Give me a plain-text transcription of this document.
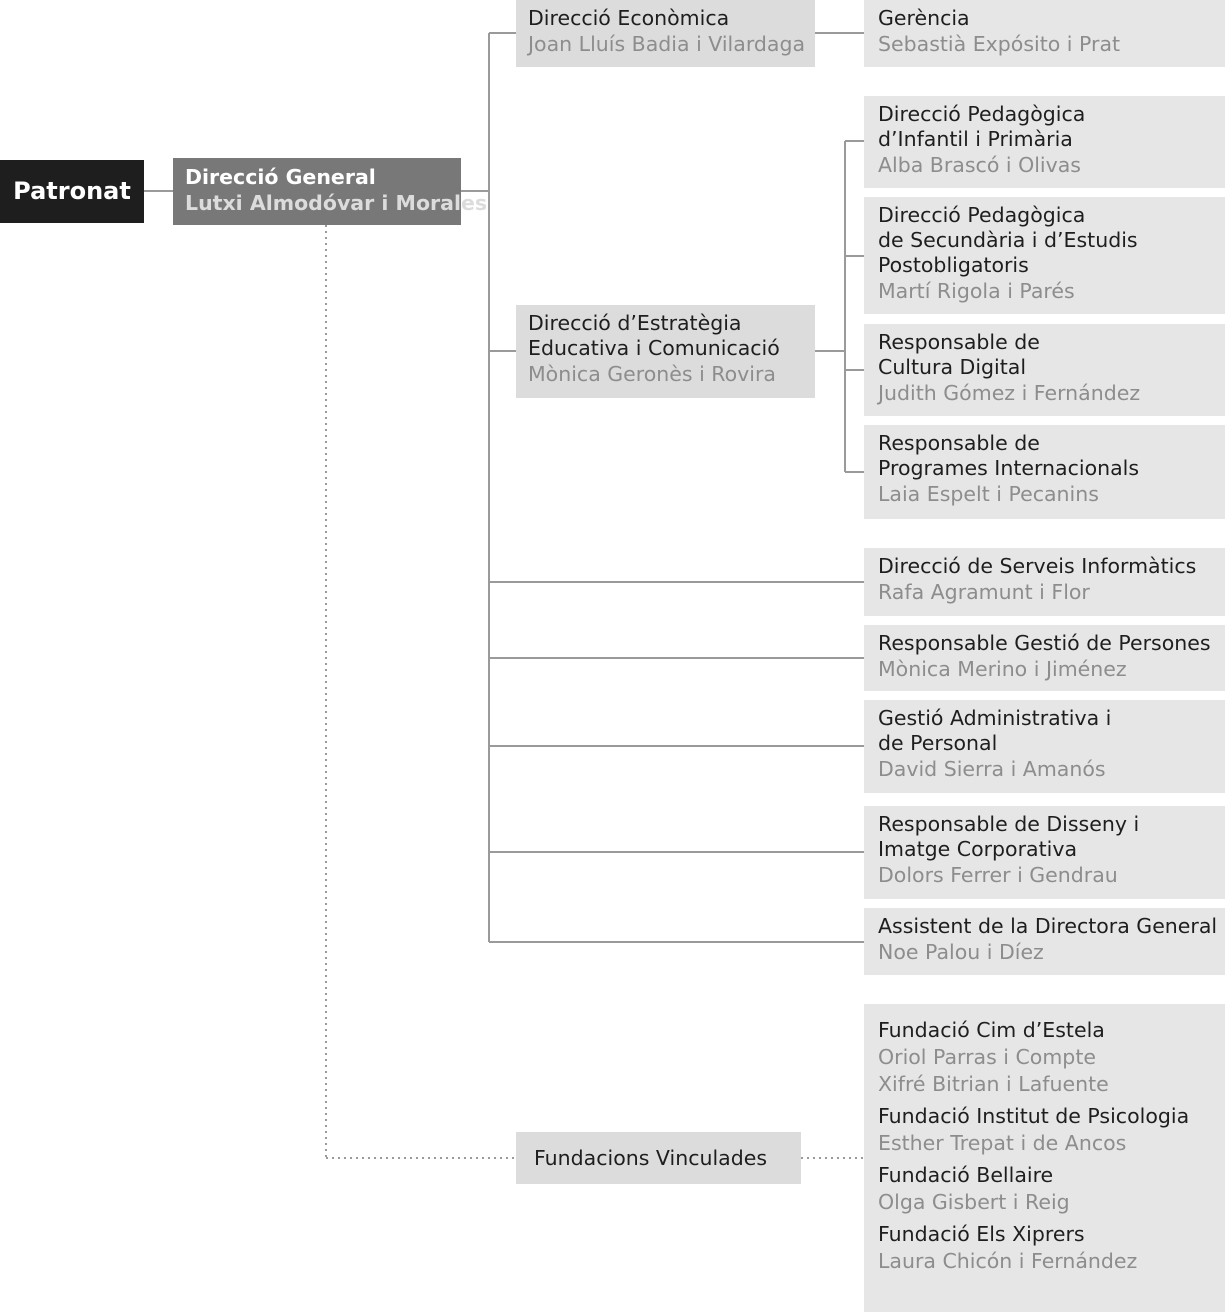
Patronat	Direcció General
Lutxi Almodóvar i Morales
Direcció Econòmica
Joan Lluís Badia i Vilardaga
Direcció d’Estratègia
Educativa i Comunicació
Mònica Geronès i Rovira
Gerència
Sebastià Expósito i Prat
Direcció Pedagògica
d’Infantil i Primària
Alba Brascó i Olivas
Direcció Pedagògica
de Secundària i d’Estudis
Postobligatoris
Martí Rigola i Parés
Responsable de
Cultura Digital
Judith Gómez i Fernández
Responsable de
Programes Internacionals
Laia Espelt i Pecanins
Direcció de Serveis Informàtics
Rafa Agramunt i Flor
Responsable Gestió de Persones
Mònica Merino i Jiménez
Gestió Administrativa i
de Personal
David Sierra i Amanós
Responsable de Disseny i
Imatge Corporativa
Dolors Ferrer i Gendrau
Assistent de la Directora General
Noe Palou i Díez
Fundacions Vinculades
Fundació Cim d’Estela
Oriol Parras i Compte
Xifré Bitrian i Lafuente
Fundació Institut de Psicologia
Esther Trepat i de Ancos
Fundació Bellaire
Olga Gisbert i Reig
Fundació Els Xiprers
Laura Chicón i Fernández
